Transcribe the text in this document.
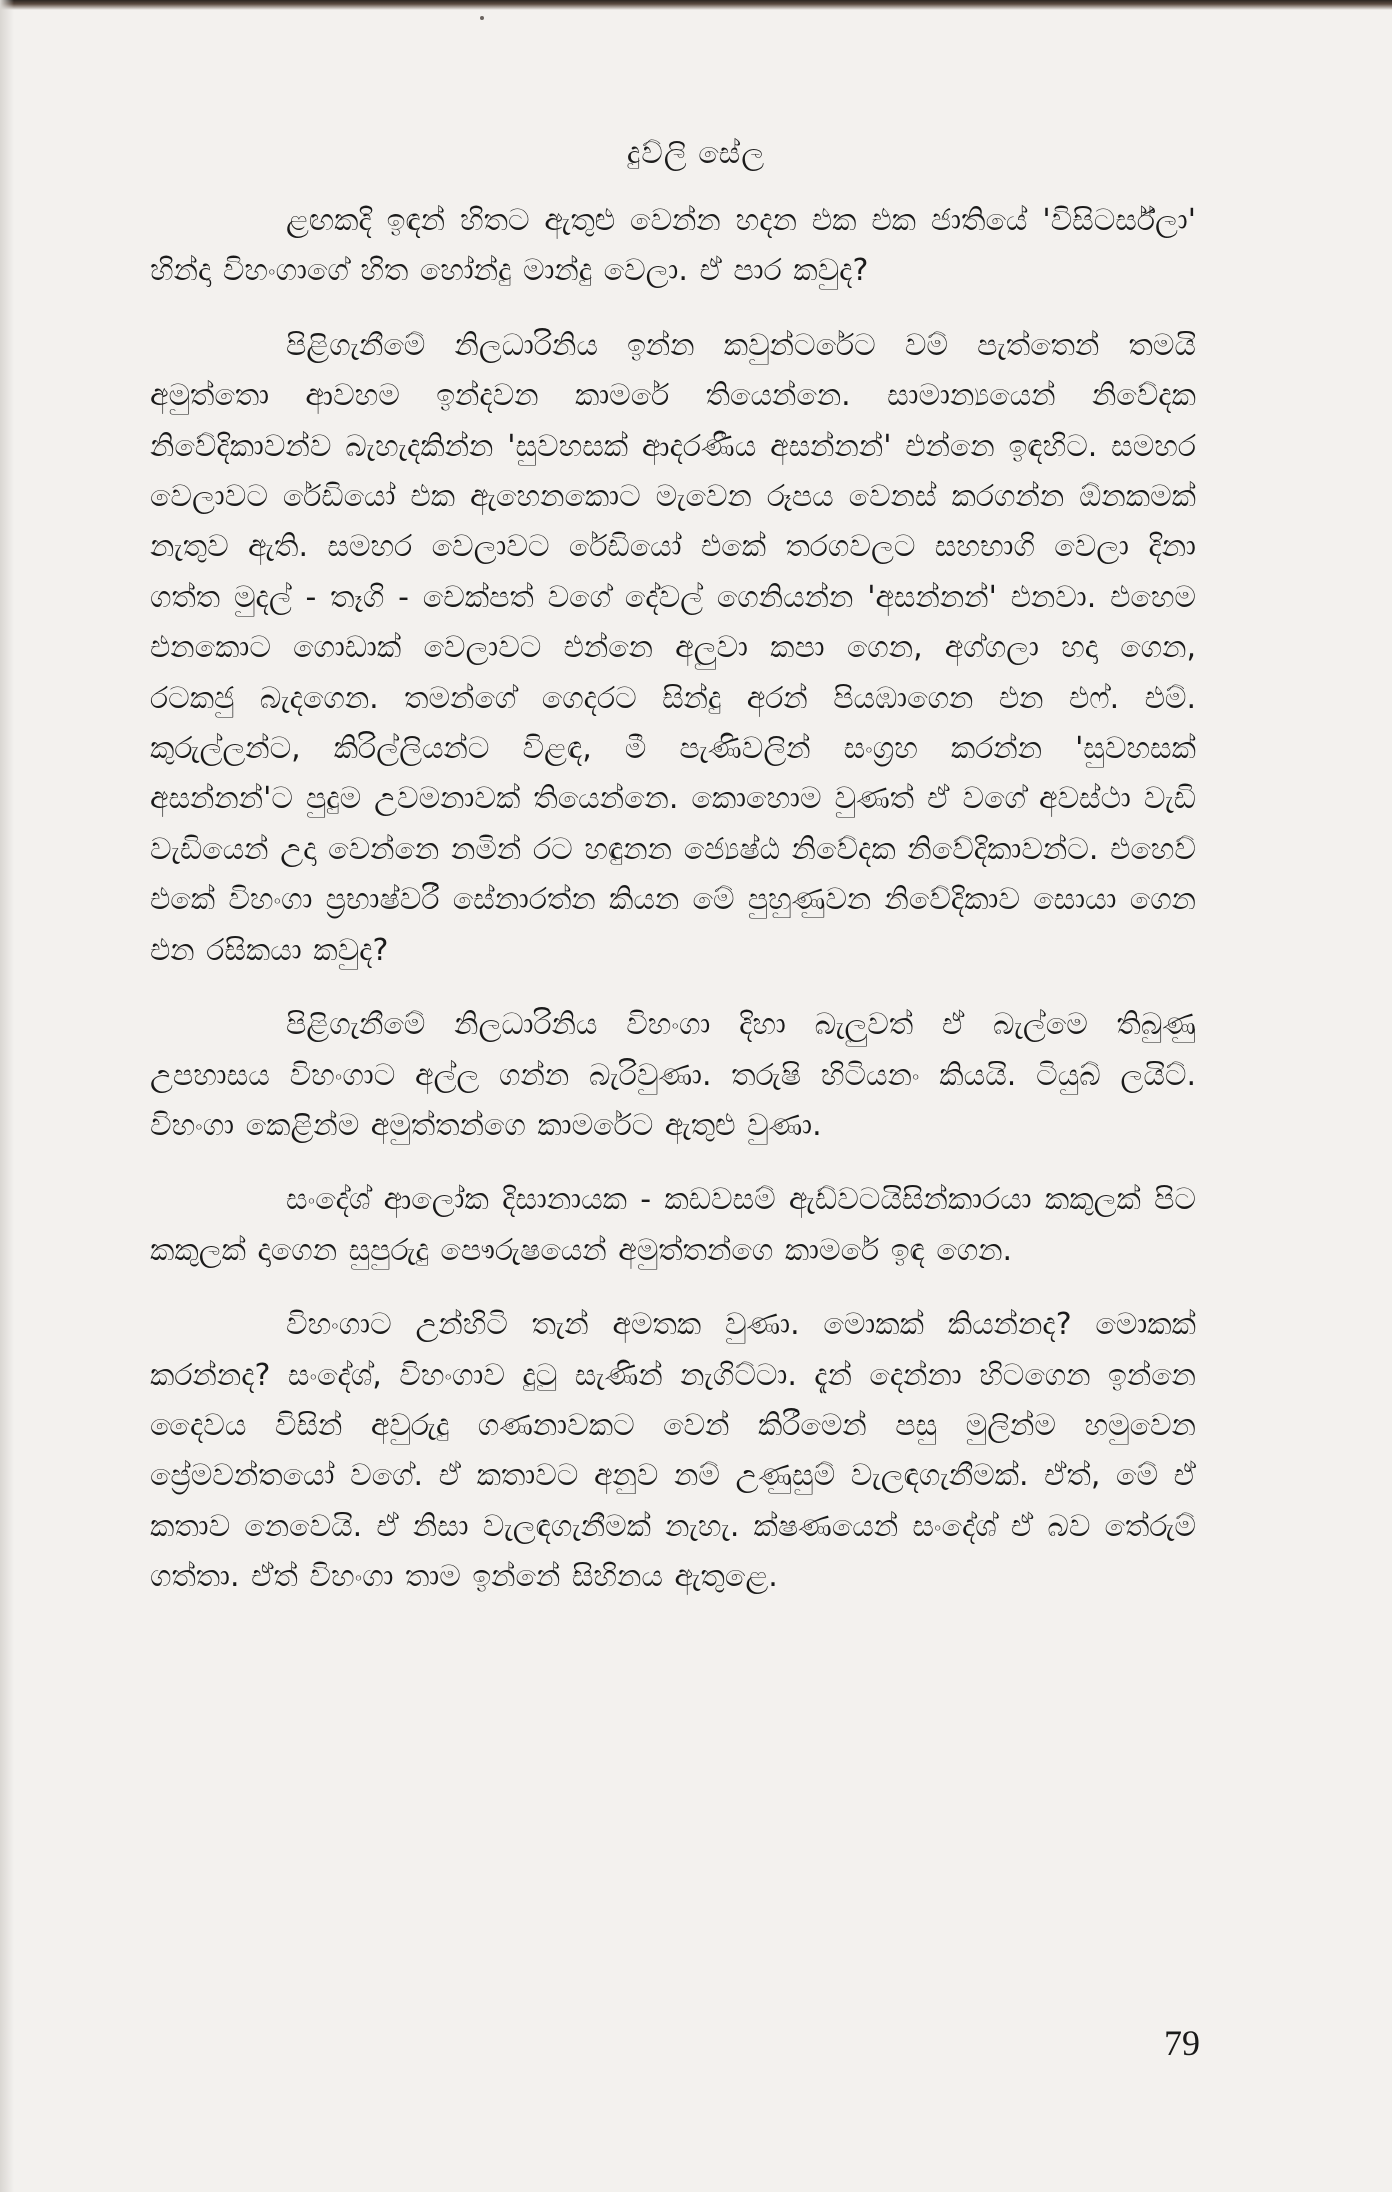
දුව්ලි සේල

ළඟකදි ඉඳන් හිතට ඇතුළු වෙන්න හදන එක එක ජාතියේ 'විසිටර්ස්ලා' හින්දා විහංගාගේ හිත හෝන්දු මාන්දු වෙලා. ඒ පාර කවුද?

පිළිගැනීමේ නිලධාරිනිය ඉන්න කවුන්ටරේට වම් පැත්තෙන් තමයි අමුත්තො ආවහම ඉන්දවන කාමරේ තියෙන්නෙ. සාමාන්‍යයෙන් නිවේදක නිවේදිකාවන්ව බැහැදකින්න 'සුවහසක් ආදරණීය අසන්නන්' එන්නෙ ඉඳහිට. සමහර වෙලාවට රේඩියෝ එක ඇහෙනකොට මැවෙන රූපය වෙනස් කරගන්න ඕනකමක් නැතුව ඇති. සමහර වෙලාවට රේඩියෝ එකේ තරගවලට සහභාගි වෙලා දිනා ගත්ත මුදල් - තෑගි - චෙක්පත් වගේ දේවල් ගෙනියන්න 'අසන්නන්' එනවා. එහෙම එනකොට ගොඩාක් වෙලාවට එන්නෙ අලුවා කපා ගෙන, අග්ගලා හදා ගෙන, රටකජු බැදගෙන. තමන්ගේ ගෙදරට සින්දු අරන් පියඹාගෙන එන එෆ්. එම්. කුරුල්ලන්ට, කිරිල්ලියන්ට විළඳ, මී පැණිවලින් සංග්‍රහ කරන්න 'සුවහසක් අසන්නන්'ට පුදුම උවමනාවක් තියෙන්නෙ. කොහොම වුණත් ඒ වගේ අවස්ථා වැඩි වැඩියෙන් උදා වෙන්නෙ නමින් රට හඳුනන ජ්‍යෙෂ්ඨ නිවේදක නිවේදිකාවන්ට. එහෙව් එකේ විහංගා ප්‍රභාෂ්වරී සේනාරත්න කියන මේ පුහුණුවන නිවේදිකාව සොයා ගෙන එන රසිකයා කවුද?

පිළිගැනීමේ නිලධාරිනිය විහංගා දිහා බැලුවත් ඒ බැල්මෙ තිබුණු උපහාසය විහංගාට අල්ල ගන්න බැරිවුණා. තරුෂි හිටියනං කියයි. ටියුබ් ලයිට්. විහංගා කෙළින්ම අමුත්තන්ගෙ කාමරේට ඇතුළු වුණා.

සංදේශ් ආලෝක දිසානායක - කඩවසම් ඇඩ්වටයිසින්කාරයා කකුලක් පිට කකුලක් දාගෙන සුපුරුදු පෞරුෂයෙන් අමුත්තන්ගෙ කාමරේ ඉඳ ගෙන.

විහංගාට උන්හිටි තැන් අමතක වුණා. මොකක් කියන්නද? මොකක් කරන්නද? සංදේශ්, විහංගාව දුටු සැණින් නැගිට්ටා. දැන් දෙන්නා හිටගෙන ඉන්නෙ දෛවය විසින් අවුරුදු ගණනාවකට වෙන් කිරීමෙන් පසු මුලින්ම හමුවෙන ප්‍රේමවන්තයෝ වගේ. ඒ කතාවට අනුව නම් උණුසුම් වැලඳගැනීමක්. ඒත්, මේ ඒ කතාව නෙවෙයි. ඒ නිසා වැලඳගැනීමක් නැහැ. ක්ෂණයෙන් සංදේශ් ඒ බව තේරුම් ගත්තා. ඒත් විහංගා තාම ඉන්නේ සිහිනය ඇතුළෙ.

79
